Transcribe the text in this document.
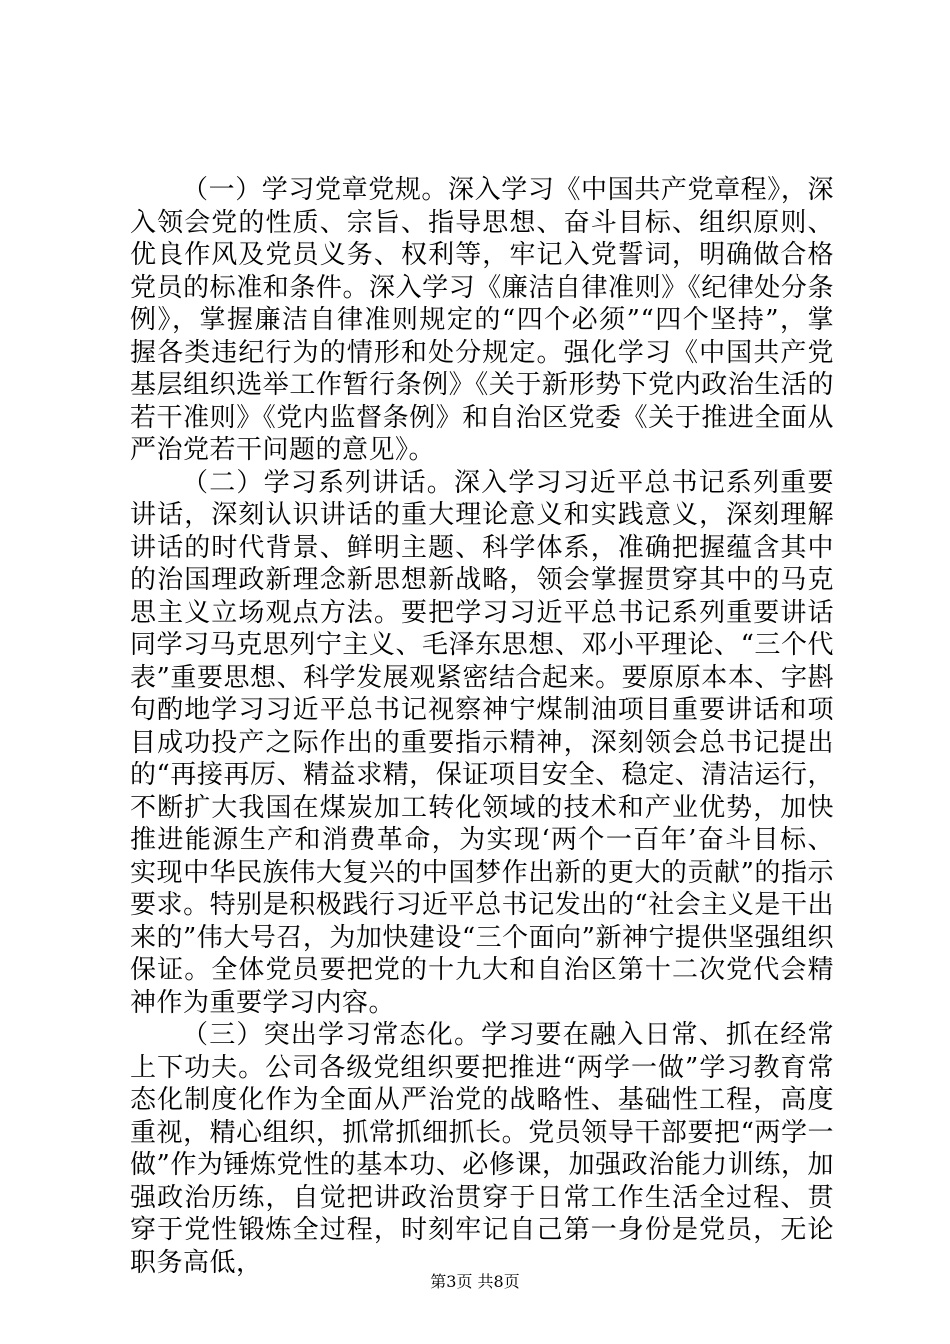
（一）学习党章党规。深入学习《中国共产党章程》，深入领会党的性质、宗旨、指导思想、奋斗目标、组织原则、优良作风及党员义务、权利等，牢记入党誓词，明确做合格党员的标准和条件。深入学习《廉洁自律准则》《纪律处分条例》，掌握廉洁自律准则规定的“四个必须”“四个坚持”，掌握各类违纪行为的情形和处分规定。强化学习《中国共产党基层组织选举工作暂行条例》《关于新形势下党内政治生活的若干准则》《党内监督条例》和自治区党委《关于推进全面从严治党若干问题的意见》。

（二）学习系列讲话。深入学习习近平总书记系列重要讲话，深刻认识讲话的重大理论意义和实践意义，深刻理解讲话的时代背景、鲜明主题、科学体系，准确把握蕴含其中的治国理政新理念新思想新战略，领会掌握贯穿其中的马克思主义立场观点方法。要把学习习近平总书记系列重要讲话同学习马克思列宁主义、毛泽东思想、邓小平理论、“三个代表”重要思想、科学发展观紧密结合起来。要原原本本、字斟句酌地学习习近平总书记视察神宁煤制油项目重要讲话和项目成功投产之际作出的重要指示精神，深刻领会总书记提出的“再接再厉、精益求精，保证项目安全、稳定、清洁运行，不断扩大我国在煤炭加工转化领域的技术和产业优势，加快推进能源生产和消费革命，为实现‘两个一百年’奋斗目标、实现中华民族伟大复兴的中国梦作出新的更大的贡献”的指示要求。特别是积极践行习近平总书记发出的“社会主义是干出来的”伟大号召，为加快建设“三个面向”新神宁提供坚强组织保证。全体党员要把党的十九大和自治区第十二次党代会精神作为重要学习内容。

（三）突出学习常态化。学习要在融入日常、抓在经常上下功夫。公司各级党组织要把推进“两学一做”学习教育常态化制度化作为全面从严治党的战略性、基础性工程，高度重视，精心组织，抓常抓细抓长。党员领导干部要把“两学一做”作为锤炼党性的基本功、必修课，加强政治能力训练，加强政治历练，自觉把讲政治贯穿于日常工作生活全过程、贯穿于党性锻炼全过程，时刻牢记自己第一身份是党员，无论职务高低，

第3页 共8页
